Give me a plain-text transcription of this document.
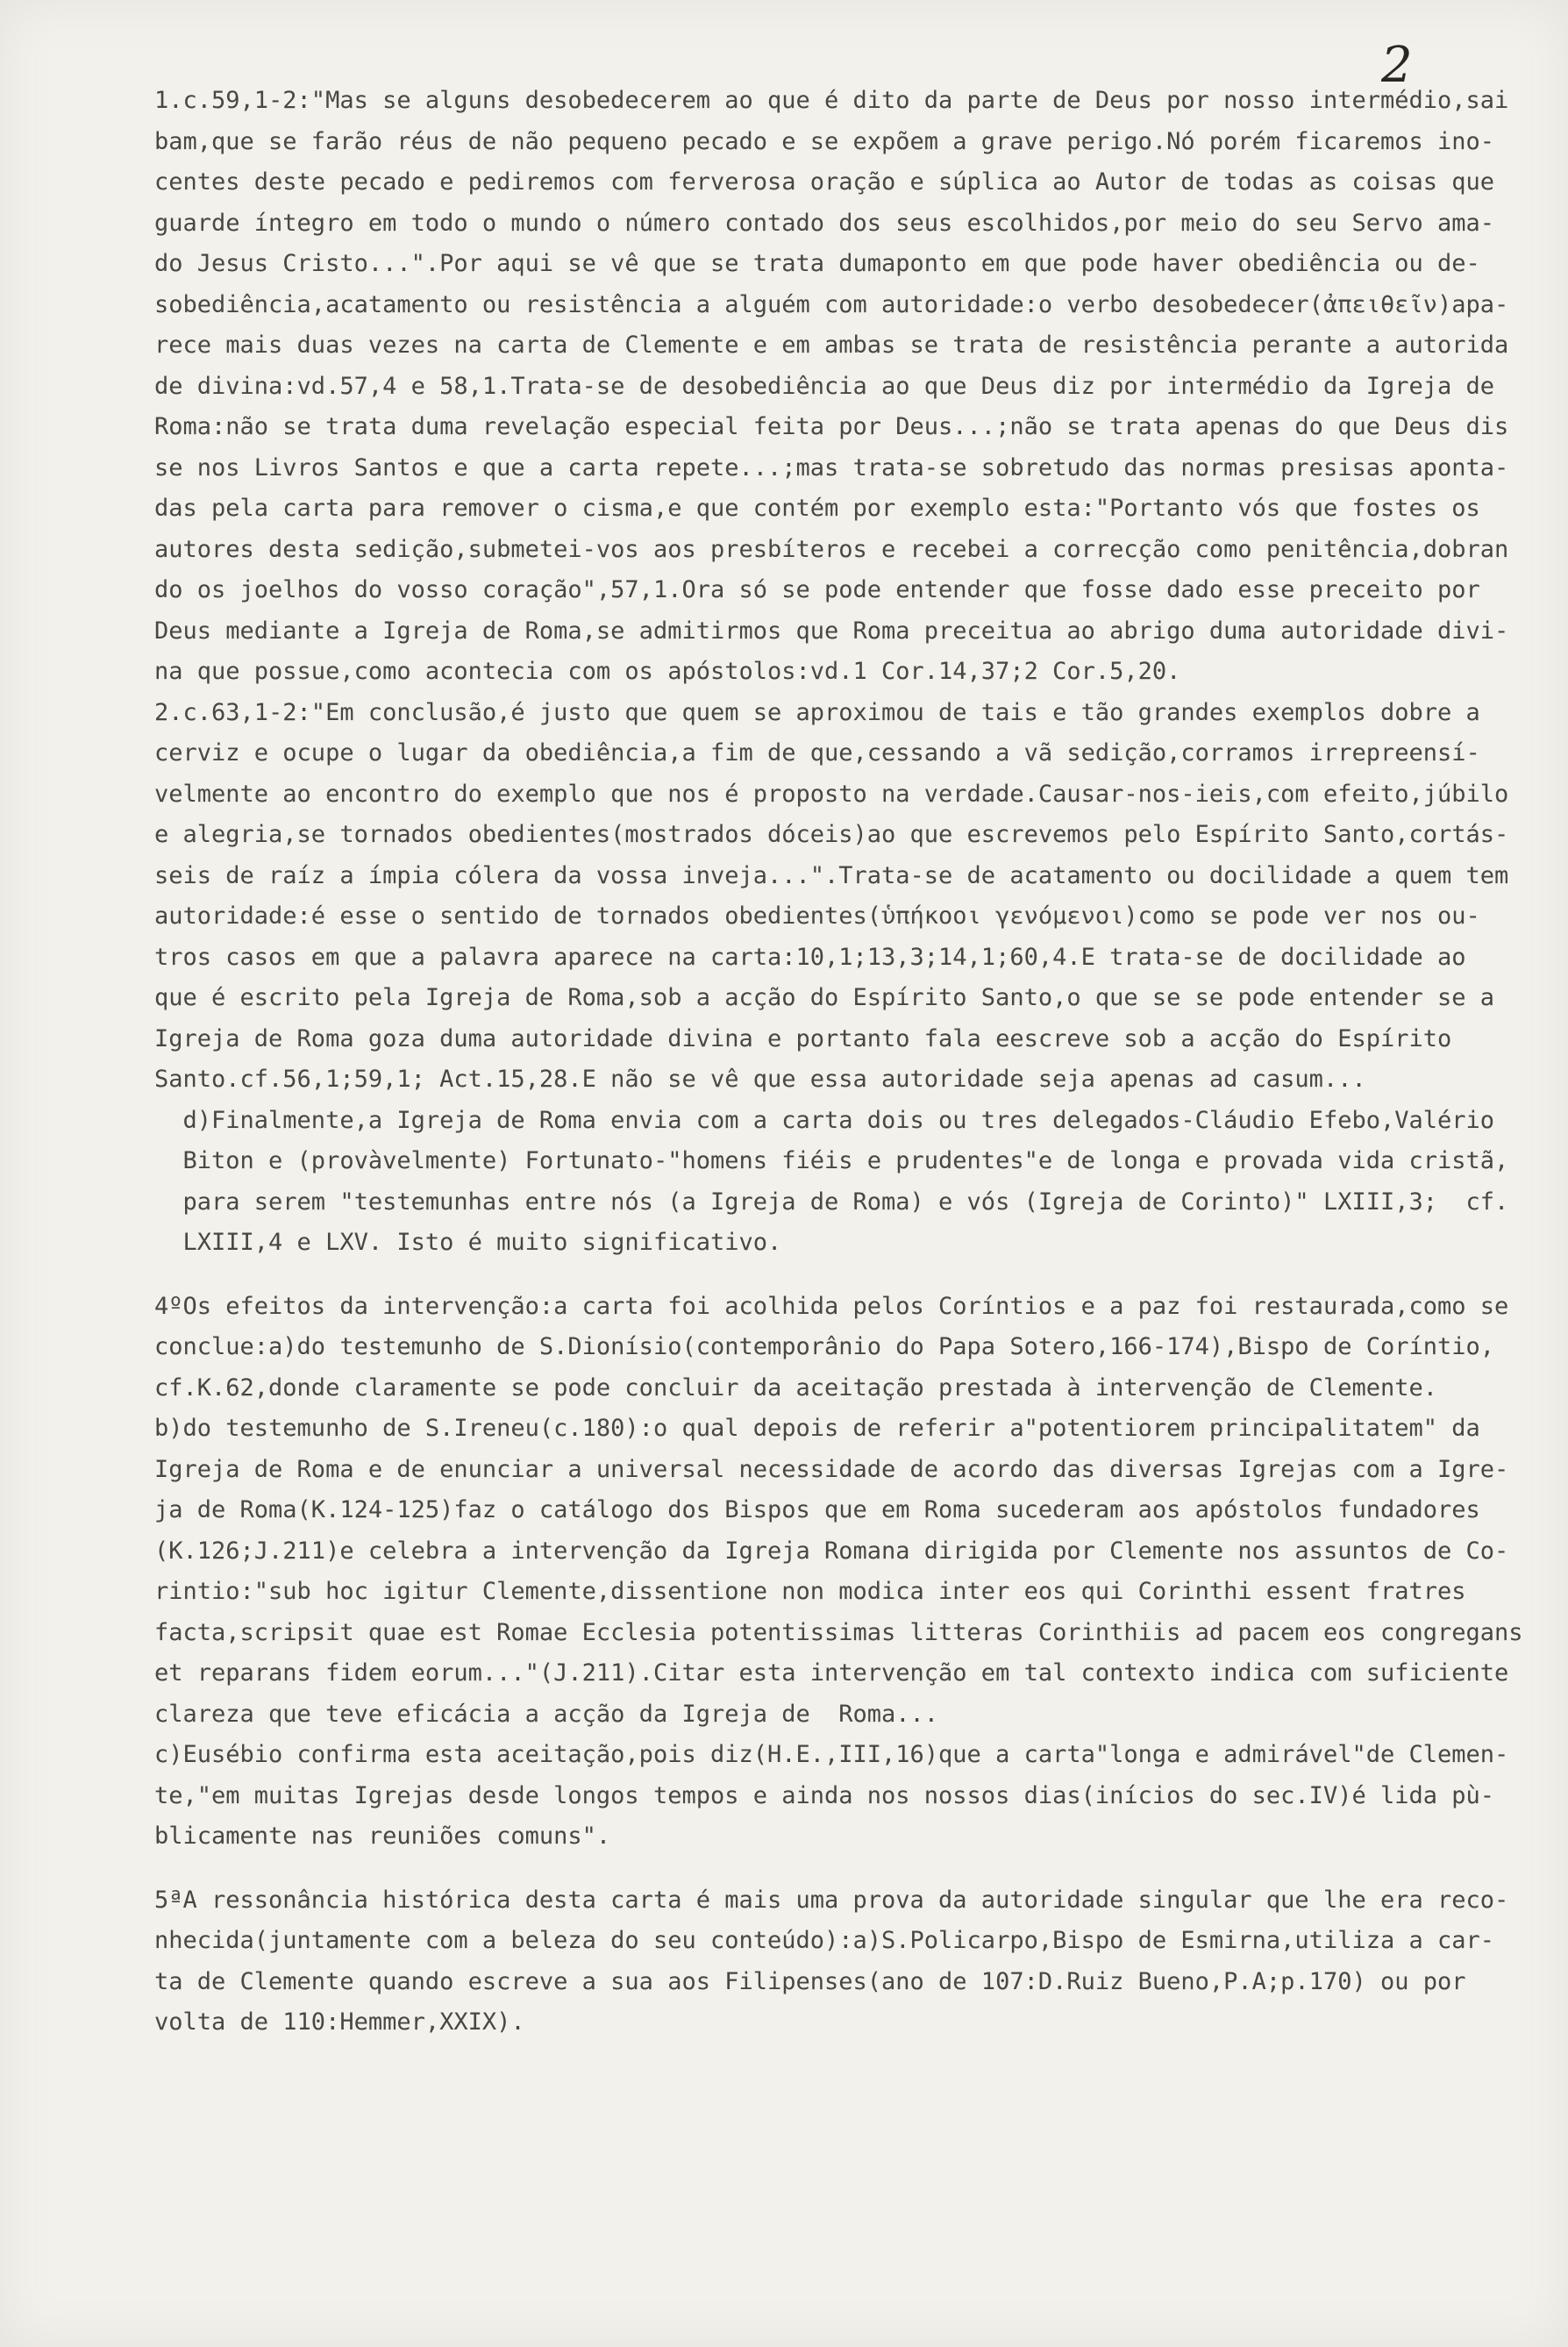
2
1.c.59,1-2:"Mas se alguns desobedecerem ao que é dito da parte de Deus por nosso intermédio,sai
bam,que se farão réus de não pequeno pecado e se expõem a grave perigo.Nó porém ficaremos ino-
centes deste pecado e pediremos com ferverosa oração e súplica ao Autor de todas as coisas que
guarde íntegro em todo o mundo o número contado dos seus escolhidos,por meio do seu Servo ama-
do Jesus Cristo...".Por aqui se vê que se trata dumaponto em que pode haver obediência ou de-
sobediência,acatamento ou resistência a alguém com autoridade:o verbo desobedecer(ἀπειθεῖν)apa-
rece mais duas vezes na carta de Clemente e em ambas se trata de resistência perante a autorida
de divina:vd.57,4 e 58,1.Trata-se de desobediência ao que Deus diz por intermédio da Igreja de
Roma:não se trata duma revelação especial feita por Deus...;não se trata apenas do que Deus dis
se nos Livros Santos e que a carta repete...;mas trata-se sobretudo das normas presisas aponta-
das pela carta para remover o cisma,e que contém por exemplo esta:"Portanto vós que fostes os
autores desta sedição,submetei-vos aos presbíteros e recebei a correcção como penitência,dobran
do os joelhos do vosso coração",57,1.Ora só se pode entender que fosse dado esse preceito por
Deus mediante a Igreja de Roma,se admitirmos que Roma preceitua ao abrigo duma autoridade divi-
na que possue,como acontecia com os apóstolos:vd.1 Cor.14,37;2 Cor.5,20.
2.c.63,1-2:"Em conclusão,é justo que quem se aproximou de tais e tão grandes exemplos dobre a
cerviz e ocupe o lugar da obediência,a fim de que,cessando a vã sedição,corramos irrepreensí-
velmente ao encontro do exemplo que nos é proposto na verdade.Causar-nos-ieis,com efeito,júbilo
e alegria,se tornados obedientes(mostrados dóceis)ao que escrevemos pelo Espírito Santo,cortás-
seis de raíz a ímpia cólera da vossa inveja...".Trata-se de acatamento ou docilidade a quem tem
autoridade:é esse o sentido de tornados obedientes(ὑπήκοοι γενόμενοι)como se pode ver nos ou-
tros casos em que a palavra aparece na carta:10,1;13,3;14,1;60,4.E trata-se de docilidade ao
que é escrito pela Igreja de Roma,sob a acção do Espírito Santo,o que se se pode entender se a
Igreja de Roma goza duma autoridade divina e portanto fala eescreve sob a acção do Espírito
Santo.cf.56,1;59,1; Act.15,28.E não se vê que essa autoridade seja apenas ad casum...
d)Finalmente,a Igreja de Roma envia com a carta dois ou tres delegados-Cláudio Efebo,Valério
Biton e (provàvelmente) Fortunato-"homens fiéis e prudentes"e de longa e provada vida cristã,
para serem "testemunhas entre nós (a Igreja de Roma) e vós (Igreja de Corinto)" LXIII,3;  cf.
LXIII,4 e LXV. Isto é muito significativo.
4ºOs efeitos da intervenção:a carta foi acolhida pelos Coríntios e a paz foi restaurada,como se
conclue:a)do testemunho de S.Dionísio(contemporânio do Papa Sotero,166-174),Bispo de Coríntio,
cf.K.62,donde claramente se pode concluir da aceitação prestada à intervenção de Clemente.
b)do testemunho de S.Ireneu(c.180):o qual depois de referir a"potentiorem principalitatem" da
Igreja de Roma e de enunciar a universal necessidade de acordo das diversas Igrejas com a Igre-
ja de Roma(K.124-125)faz o catálogo dos Bispos que em Roma sucederam aos apóstolos fundadores
(K.126;J.211)e celebra a intervenção da Igreja Romana dirigida por Clemente nos assuntos de Co-
rintio:"sub hoc igitur Clemente,dissentione non modica inter eos qui Corinthi essent fratres
facta,scripsit quae est Romae Ecclesia potentissimas litteras Corinthiis ad pacem eos congregans
et reparans fidem eorum..."(J.211).Citar esta intervenção em tal contexto indica com suficiente
clareza que teve eficácia a acção da Igreja de  Roma...
c)Eusébio confirma esta aceitação,pois diz(H.E.,III,16)que a carta"longa e admirável"de Clemen-
te,"em muitas Igrejas desde longos tempos e ainda nos nossos dias(inícios do sec.IV)é lida pù-
blicamente nas reuniões comuns".
5ªA ressonância histórica desta carta é mais uma prova da autoridade singular que lhe era reco-
nhecida(juntamente com a beleza do seu conteúdo):a)S.Policarpo,Bispo de Esmirna,utiliza a car-
ta de Clemente quando escreve a sua aos Filipenses(ano de 107:D.Ruiz Bueno,P.A;p.170) ou por
volta de 110:Hemmer,XXIX).
